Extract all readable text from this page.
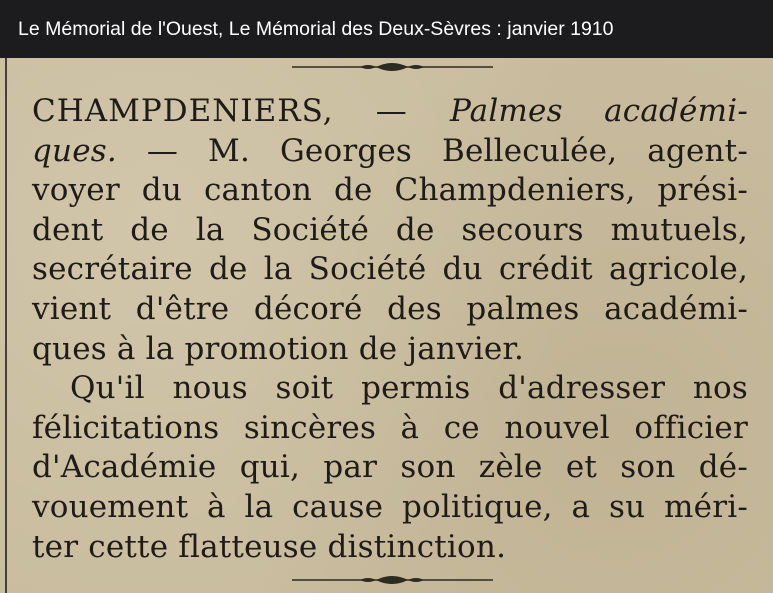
Le Mémorial de l'Ouest, Le Mémorial des Deux-Sèvres : janvier 1910
CHAMPDENIERS, — Palmes académi-
ques. — M. Georges Belleculée, agent-
voyer du canton de Champdeniers, prési-
dent de la Société de secours mutuels,
secrétaire de la Société du crédit agricole,
vient d'être décoré des palmes académi-
ques à la promotion de janvier.
Qu'il nous soit permis d'adresser nos
félicitations sincères à ce nouvel officier
d'Académie qui, par son zèle et son dé-
vouement à la cause politique, a su méri-
ter cette flatteuse distinction.
